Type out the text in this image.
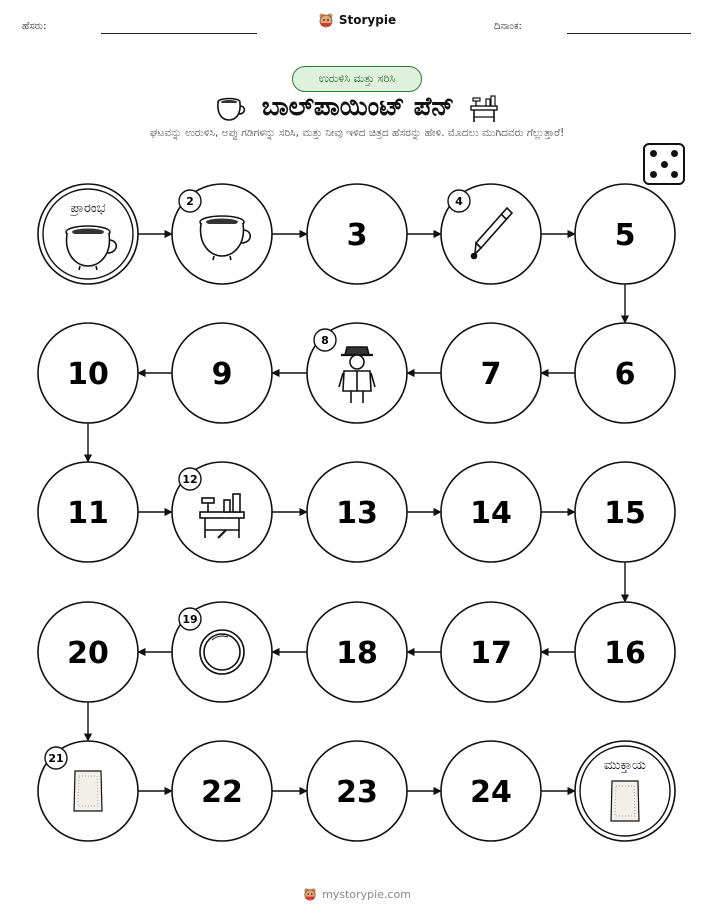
ಹೆಸರು:	Storypie	ದಿನಾಂಕ:
ಉರುಳಿಸಿ ಮತ್ತು ಸರಿಸಿ
ಬಾಲ್‌ಪಾಯಿಂಟ್ ಪೆನ್
ಘಟವನ್ನು ಉರುಳಿಸಿ, ಅಪ್ಪು ಗಡಿಗಳನ್ನು ಸರಿಸಿ, ಮತ್ತು ನೀವು ಇಳಿದ ಚಿತ್ರದ ಹೆಸರನ್ನು ಹೇಳಿ. ಮೊದಲು ಮುಗಿದವರು ಗೆಲ್ಲುತ್ತಾರೆ!
ಪ್ರಾರಂಭ	2
3
4
5
6
7
8
9
10
11
12
13	14	15
16
17
18
19
20
21
22	23	24
ಮುಕ್ತಾಯ
mystorypie.com
